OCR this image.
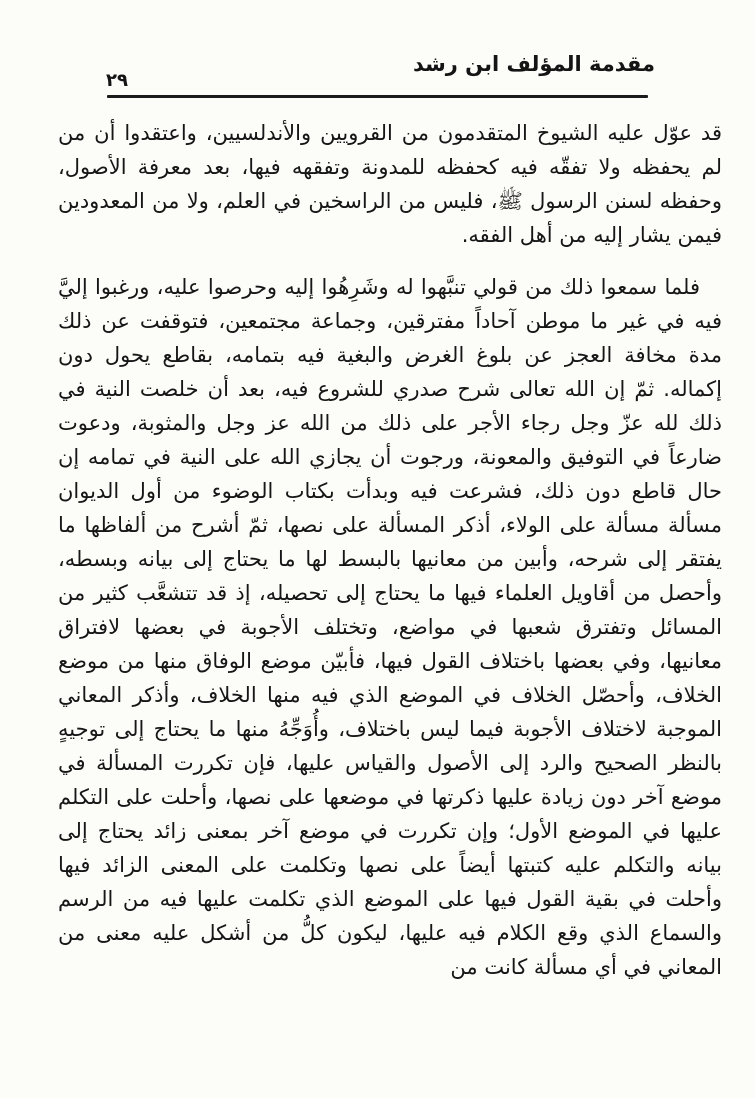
مقدمة المؤلف ابن رشد
٢٩

قد عوّل عليه الشيوخ المتقدمون من القرويين والأندلسيين، واعتقدوا أن من لم يحفظه ولا تفقّه فيه كحفظه للمدونة وتفقهه فيها، بعد معرفة الأصول، وحفظه لسنن الرسول ﷺ، فليس من الراسخين في العلم، ولا من المعدودين فيمن يشار إليه من أهل الفقه.

فلما سمعوا ذلك من قولي تنبَّهوا له وشَرِهُوا إليه وحرصوا عليه، ورغبوا إليَّ فيه في غير ما موطن آحاداً مفترقين، وجماعة مجتمعين، فتوقفت عن ذلك مدة مخافة العجز عن بلوغ الغرض والبغية فيه بتمامه، بقاطع يحول دون إكماله. ثمّ إن الله تعالى شرح صدري للشروع فيه، بعد أن خلصت النية في ذلك لله عزّ وجل رجاء الأجر على ذلك من الله عز وجل والمثوبة، ودعوت ضارعاً في التوفيق والمعونة، ورجوت أن يجازي الله على النية في تمامه إن حال قاطع دون ذلك، فشرعت فيه وبدأت بكتاب الوضوء من أول الديوان مسألة مسألة على الولاء، أذكر المسألة على نصها، ثمّ أشرح من ألفاظها ما يفتقر إلى شرحه، وأبين من معانيها بالبسط لها ما يحتاج إلى بيانه وبسطه، وأحصل من أقاويل العلماء فيها ما يحتاج إلى تحصيله، إذ قد تتشعَّب كثير من المسائل وتفترق شعبها في مواضع، وتختلف الأجوبة في بعضها لافتراق معانيها، وفي بعضها باختلاف القول فيها، فأبيّن موضع الوفاق منها من موضع الخلاف، وأحصّل الخلاف في الموضع الذي فيه منها الخلاف، وأذكر المعاني الموجبة لاختلاف الأجوبة فيما ليس باختلاف، وأُوَجِّهُ منها ما يحتاج إلى توجيهٍ بالنظر الصحيح والرد إلى الأصول والقياس عليها، فإن تكررت المسألة في موضع آخر دون زيادة عليها ذكرتها في موضعها على نصها، وأحلت على التكلم عليها في الموضع الأول؛ وإن تكررت في موضع آخر بمعنى زائد يحتاج إلى بيانه والتكلم عليه كتبتها أيضاً على نصها وتكلمت على المعنى الزائد فيها وأحلت في بقية القول فيها على الموضع الذي تكلمت عليها فيه من الرسم والسماع الذي وقع الكلام فيه عليها، ليكون كلُّ من أشكل عليه معنى من المعاني في أي مسألة كانت من
